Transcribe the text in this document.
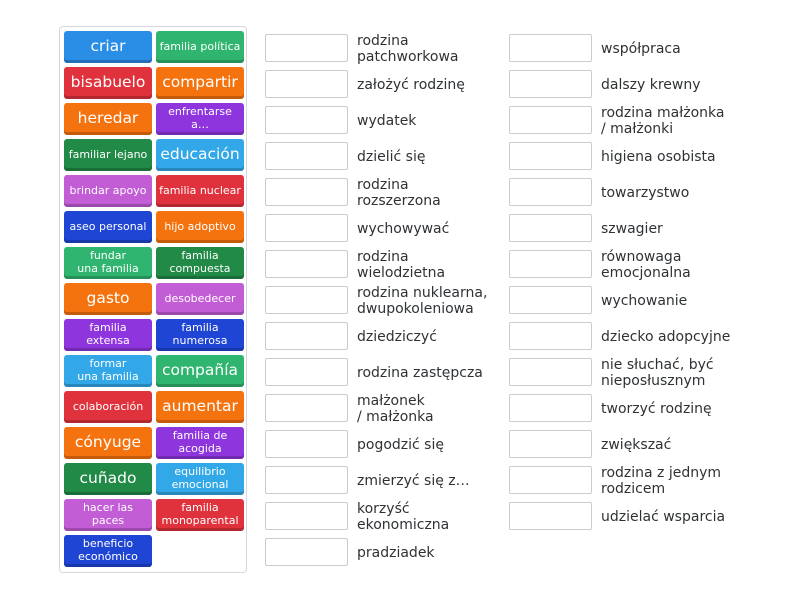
criar	familia política
bisabuelo	compartir
heredar	enfrentarse
a…
familiar lejano educación
brindar apoyo	familia nuclear
aseo personal	hijo adoptivo
fundar
una familia
familia
compuesta
gasto	desobedecer
familia
extensa
familia
numerosa
formar
una familia	compañía
colaboración	aumentar
cónyuge	familia de
acogida
cuñado	equilibrio
emocional
hacer las
paces
familia
monoparental
beneficio
económico
rodzina
patchworkowa
założyć rodzinę
wydatek
dzielić się
rodzina
rozszerzona
wychowywać
rodzina
wielodzietna
rodzina nuklearna,
dwupokoleniowa
dziedziczyć
rodzina zastępcza
małżonek
/ małżonka
pogodzić się
zmierzyć się z…
korzyść
ekonomiczna
pradziadek
współpraca
dalszy krewny
rodzina małżonka
/ małżonki
higiena osobista
towarzystwo
szwagier
równowaga
emocjonalna
wychowanie
dziecko adopcyjne
nie słuchać, być
nieposłusznym
tworzyć rodzinę
zwiększać
rodzina z jednym
rodzicem
udzielać wsparcia
